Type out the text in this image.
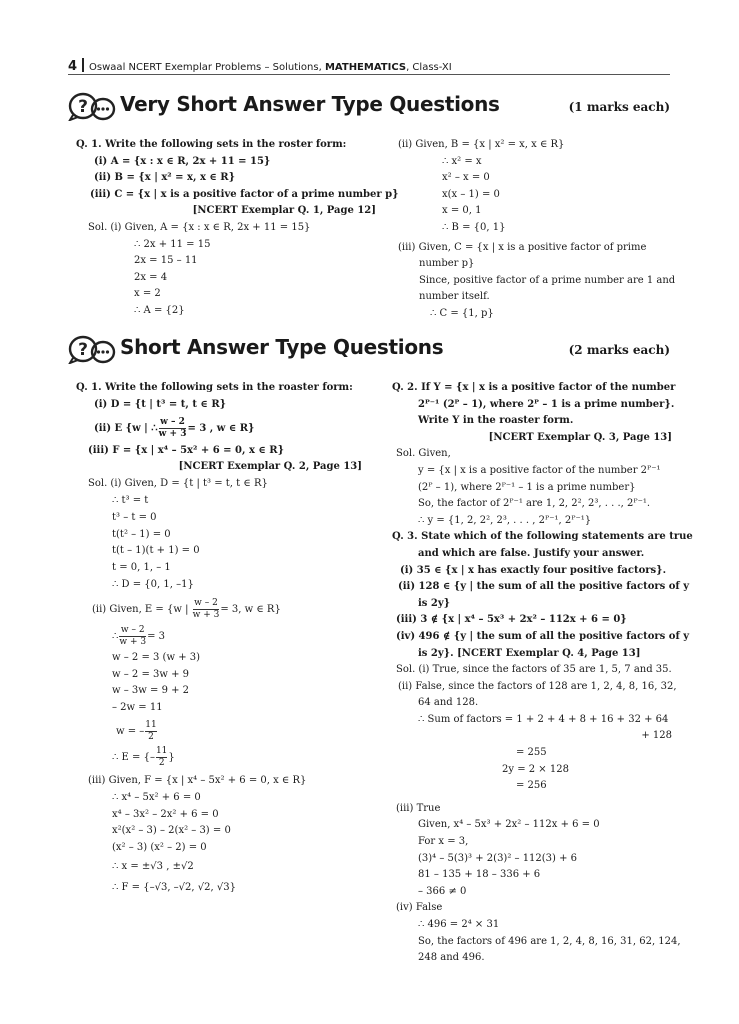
4 Oswaal NCERT Exemplar Problems – Solutions, MATHEMATICS, Class-XI
? Very Short Answer Type Questions	(1 marks each)
Q. 1. Write the following sets in the roster form:
(i) A = {x : x ∈ R, 2x + 11 = 15}
(ii) B = {x | x² = x, x ∈ R}
(iii) C = {x | x is a positive factor of a prime number p}
[NCERT Exemplar Q. 1, Page 12]
Sol. (i) Given, A = {x : x ∈ R, 2x + 11 = 15}
∴ 2x + 11 = 15
2x = 15 – 11
2x = 4
x = 2
∴ A = {2}
(ii) Given, B = {x | x² = x, x ∈ R}
∴ x² = x
x² – x = 0
x(x – 1) = 0
x = 0, 1
∴ B = {0, 1}
(iii) Given, C = {x | x is a positive factor of prime
number p}
Since, positive factor of a prime number are 1 and
number itself.
∴ C = {1, p}
? Short Answer Type Questions	(2 marks each)
Q. 1. Write the following sets in the roaster form:
(i) D = {t | t³ = t, t ∈ R}
(ii) E {w | ∴ $\frac{w - 2}{w + 3} = 3$ , w ∈ R}
(iii) F = {x | x⁴ – 5x² + 6 = 0, x ∈ R}
[NCERT Exemplar Q. 2, Page 13]
Sol. (i) Given, D = {t | t³ = t, t ∈ R}
∴ t³ = t
t³ – t = 0
t(t² – 1) = 0
t(t – 1)(t + 1) = 0
t = 0, 1, – 1
∴ D = {0, 1, –1}
(ii) Given, E = {w | $\frac{w - 2}{w + 3} = 3$, w ∈ R}
∴ $\frac{w - 2}{w + 3} = 3$
w – 2 = 3 (w + 3)
w – 2 = 3w + 9
w – 3w = 9 + 2
– 2w = 11
w = – $\frac{11}{2}$
∴ E = {– $\frac{11}{2}$ }
(iii) Given, F = {x | x⁴ – 5x² + 6 = 0, x ∈ R}
∴ x⁴ – 5x² + 6 = 0
x⁴ – 3x² – 2x² + 6 = 0
x²(x² – 3) – 2(x² – 3) = 0
(x² – 3) (x² – 2) = 0
∴ x = ±√3 , ±√2
∴ F = {–√3, –√2, √2, √3}
Q. 2. If Y = {x | x is a positive factor of the number
2ᴾ⁻¹ (2ᴾ – 1), where 2ᴾ – 1 is a prime number}.
Write Y in the roaster form.
[NCERT Exemplar Q. 3, Page 13]
Sol. Given,
y = {x | x is a positive factor of the number 2ᴾ⁻¹
(2ᴾ – 1), where 2ᴾ⁻¹ – 1 is a prime number}
So, the factor of 2ᴾ⁻¹ are 1, 2, 2², 2³, . . ., 2ᴾ⁻¹.
∴ y = {1, 2, 2², 2³, . . . , 2ᴾ⁻¹, 2ᴾ⁻¹}
Q. 3. State which of the following statements are true
and which are false. Justify your answer.
(i) 35 ∈ {x | x has exactly four positive factors}.
(ii) 128 ∈ {y | the sum of all the positive factors of y
is 2y}
(iii) 3 ∉ {x | x⁴ – 5x³ + 2x² – 112x + 6 = 0}
(iv) 496 ∉ {y | the sum of all the positive factors of y
is 2y}. [NCERT Exemplar Q. 4, Page 13]
Sol. (i) True, since the factors of 35 are 1, 5, 7 and 35.
(ii) False, since the factors of 128 are 1, 2, 4, 8, 16, 32,
64 and 128.
∴ Sum of factors = 1 + 2 + 4 + 8 + 16 + 32 + 64
+ 128
= 255
2y = 2 × 128
= 256
(iii) True
Given, x⁴ – 5x³ + 2x² – 112x + 6 = 0
For x = 3,
(3)⁴ – 5(3)³ + 2(3)² – 112(3) + 6
81 – 135 + 18 – 336 + 6
– 366 ≠ 0
(iv) False
∴ 496 = 2⁴ × 31
So, the factors of 496 are 1, 2, 4, 8, 16, 31, 62, 124,
248 and 496.
